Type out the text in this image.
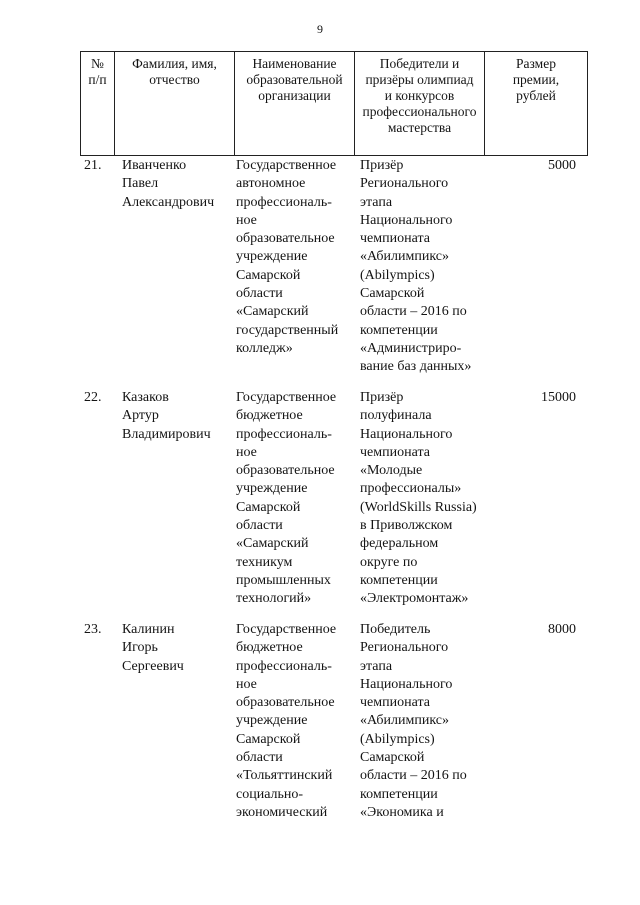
9
№
п/п
Фамилия, имя,
отчество
Наименование
образовательной
организации
Победители и
призёры олимпиад
и конкурсов
профессионального
мастерства
Размер
премии,
рублей
21. Иванченко
Павел
Александрович
Государственное
автономное
профессиональ-
ное
образовательное
учреждение
Самарской
области
«Самарский
государственный
колледж»
Призёр
Регионального
этапа
Национального
чемпионата
«Абилимпикс»
(Abilympics)
Самарской
области – 2016 по
компетенции
«Администриро-
вание баз данных»
5000
22. Казаков
Артур
Владимирович
Государственное
бюджетное
профессиональ-
ное
образовательное
учреждение
Самарской
области
«Самарский
техникум
промышленных
технологий»
Призёр
полуфинала
Национального
чемпионата
«Молодые
профессионалы»
(WorldSkills Russia)
в Приволжском
федеральном
округе по
компетенции
«Электромонтаж»
15000
23. Калинин
Игорь
Сергеевич
Государственное
бюджетное
профессиональ-
ное
образовательное
учреждение
Самарской
области
«Тольяттинский
социально-
экономический
Победитель
Регионального
этапа
Национального
чемпионата
«Абилимпикс»
(Abilympics)
Самарской
области – 2016 по
компетенции
«Экономика и
8000
